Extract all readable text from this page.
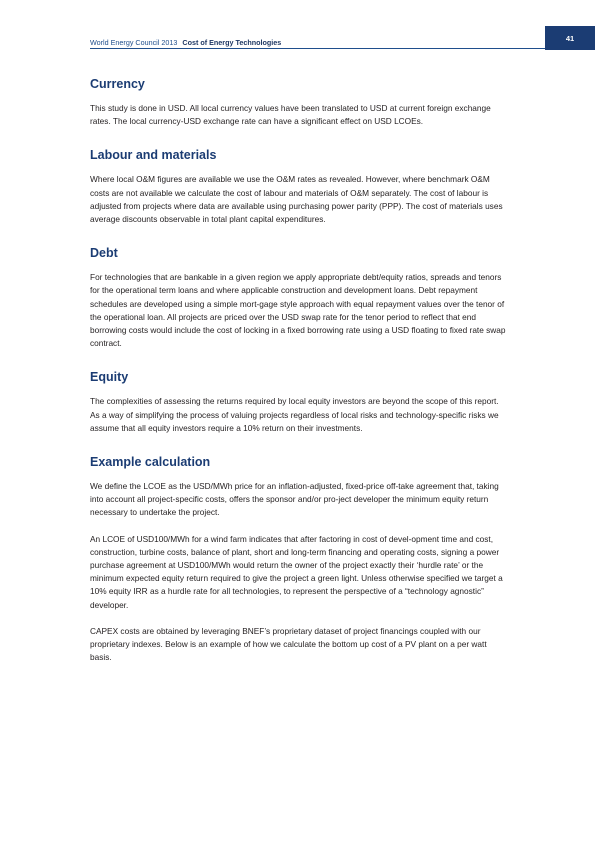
World Energy Council 2013 Cost of Energy Technologies	41
Currency

This study is done in USD. All local currency values have been translated to USD at current foreign exchange rates. The local currency-USD exchange rate can have a significant effect on USD LCOEs.

Labour and materials

Where local O&M figures are available we use the O&M rates as revealed. However, where benchmark O&M costs are not available we calculate the cost of labour and materials of O&M separately. The cost of labour is adjusted from projects where data are available using purchasing power parity (PPP). The cost of materials uses average discounts observable in total plant capital expenditures.

Debt

For technologies that are bankable in a given region we apply appropriate debt/equity ratios, spreads and tenors for the operational term loans and where applicable construction and development loans. Debt repayment schedules are developed using a simple mort-gage style approach with equal repayment values over the tenor of the operational loan. All projects are priced over the USD swap rate for the tenor period to reflect that end borrowing costs would include the cost of locking in a fixed borrowing rate using a USD floating to fixed rate swap contract.

Equity

The complexities of assessing the returns required by local equity investors are beyond the scope of this report. As a way of simplifying the process of valuing projects regardless of local risks and technology-specific risks we assume that all equity investors require a 10% return on their investments.

Example calculation

We define the LCOE as the USD/MWh price for an inflation-adjusted, fixed-price off-take agreement that, taking into account all project-specific costs, offers the sponsor and/or pro-ject developer the minimum equity return necessary to undertake the project.

An LCOE of USD100/MWh for a wind farm indicates that after factoring in cost of devel-opment time and cost, construction, turbine costs, balance of plant, short and long-term financing and operating costs, signing a power purchase agreement at USD100/MWh would return the owner of the project exactly their ‘hurdle rate’ or the minimum expected equity return required to give the project a green light. Unless otherwise specified we target a 10% equity IRR as a hurdle rate for all technologies, to represent the perspective of a “technology agnostic” developer.

CAPEX costs are obtained by leveraging BNEF’s proprietary dataset of project financings coupled with our proprietary indexes. Below is an example of how we calculate the bottom up cost of a PV plant on a per watt basis.
